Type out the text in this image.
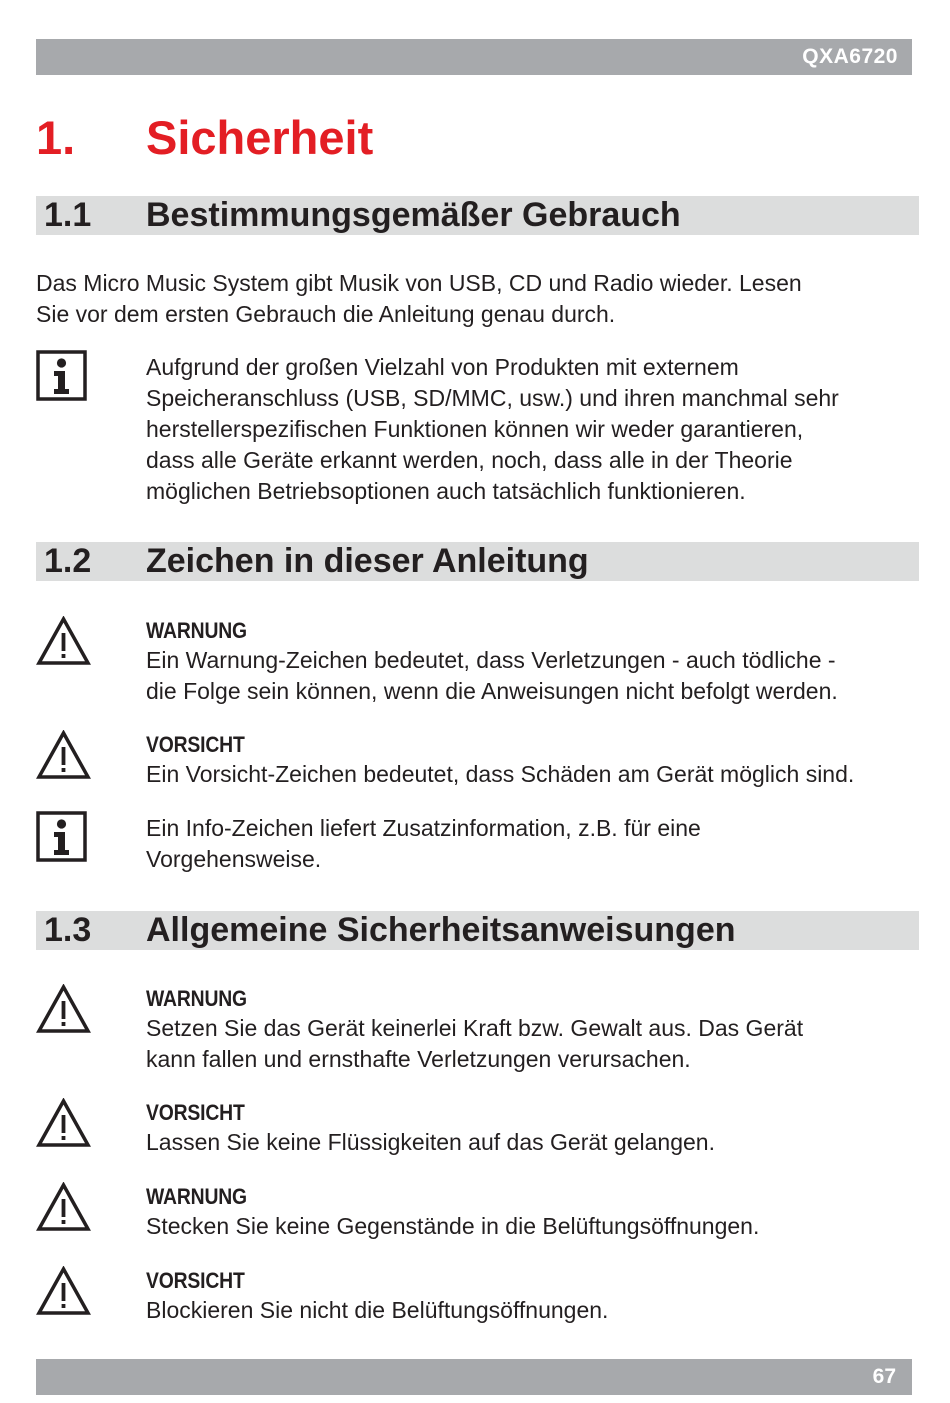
QXA6720
1. Sicherheit
1.1 Bestimmungsgemäßer Gebrauch
Das Micro Music System gibt Musik von USB, CD und Radio wieder. Lesen
Sie vor dem ersten Gebrauch die Anleitung genau durch.
Aufgrund der großen Vielzahl von Produkten mit externem
Speicheranschluss (USB, SD/MMC, usw.) und ihren manchmal sehr
herstellerspezifischen Funktionen können wir weder garantieren,
dass alle Geräte erkannt werden, noch, dass alle in der Theorie
möglichen Betriebsoptionen auch tatsächlich funktionieren.
1.2 Zeichen in dieser Anleitung
WARNUNG
Ein Warnung-Zeichen bedeutet, dass Verletzungen - auch tödliche -
die Folge sein können, wenn die Anweisungen nicht befolgt werden.
VORSICHT
Ein Vorsicht-Zeichen bedeutet, dass Schäden am Gerät möglich sind.
Ein Info-Zeichen liefert Zusatzinformation, z.B. für eine
Vorgehensweise.
1.3 Allgemeine Sicherheitsanweisungen
WARNUNG
Setzen Sie das Gerät keinerlei Kraft bzw. Gewalt aus. Das Gerät
kann fallen und ernsthafte Verletzungen verursachen.
VORSICHT
Lassen Sie keine Flüssigkeiten auf das Gerät gelangen.
WARNUNG
Stecken Sie keine Gegenstände in die Belüftungsöffnungen.
VORSICHT
Blockieren Sie nicht die Belüftungsöffnungen.
67
